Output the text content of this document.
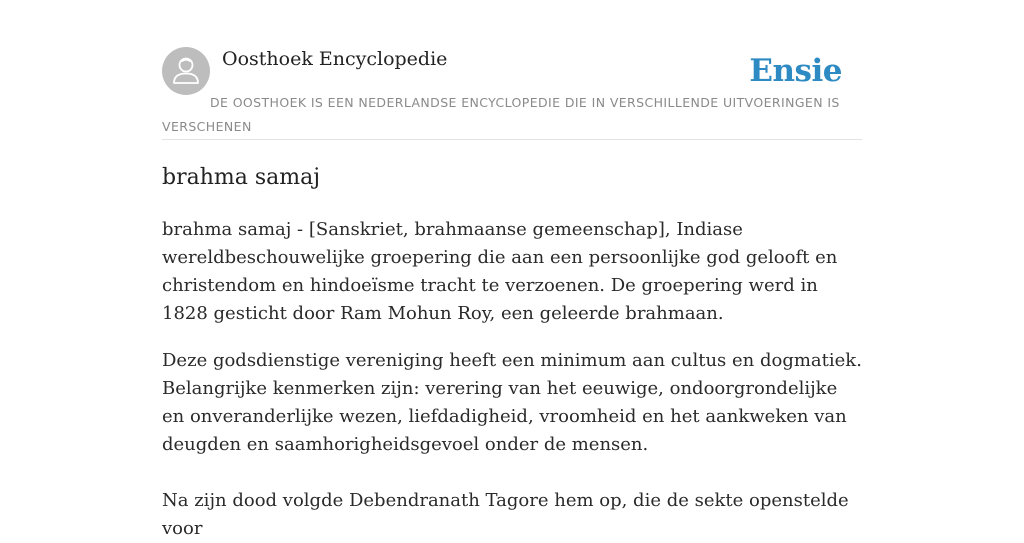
Oosthoek Encyclopedie	Ensie
DE OOSTHOEK IS EEN NEDERLANDSE ENCYCLOPEDIE DIE IN VERSCHILLENDE UITVOERINGEN IS VERSCHENEN
brahma samaj

brahma samaj - [Sanskriet, brahmaanse gemeenschap], Indiase wereldbeschouwelijke groepering die aan een persoonlijke god gelooft en christendom en hindoeïsme tracht te verzoenen. De groepering werd in 1828 gesticht door Ram Mohun Roy, een geleerde brahmaan.

Deze godsdienstige vereniging heeft een minimum aan cultus en dogmatiek. Belangrijke kenmerken zijn: verering van het eeuwige, ondoorgrondelijke en onveranderlijke wezen, liefdadigheid, vroomheid en het aankweken van deugden en saamhorigheidsgevoel onder de mensen.

Na zijn dood volgde Debendranath Tagore hem op, die de sekte openstelde voor
